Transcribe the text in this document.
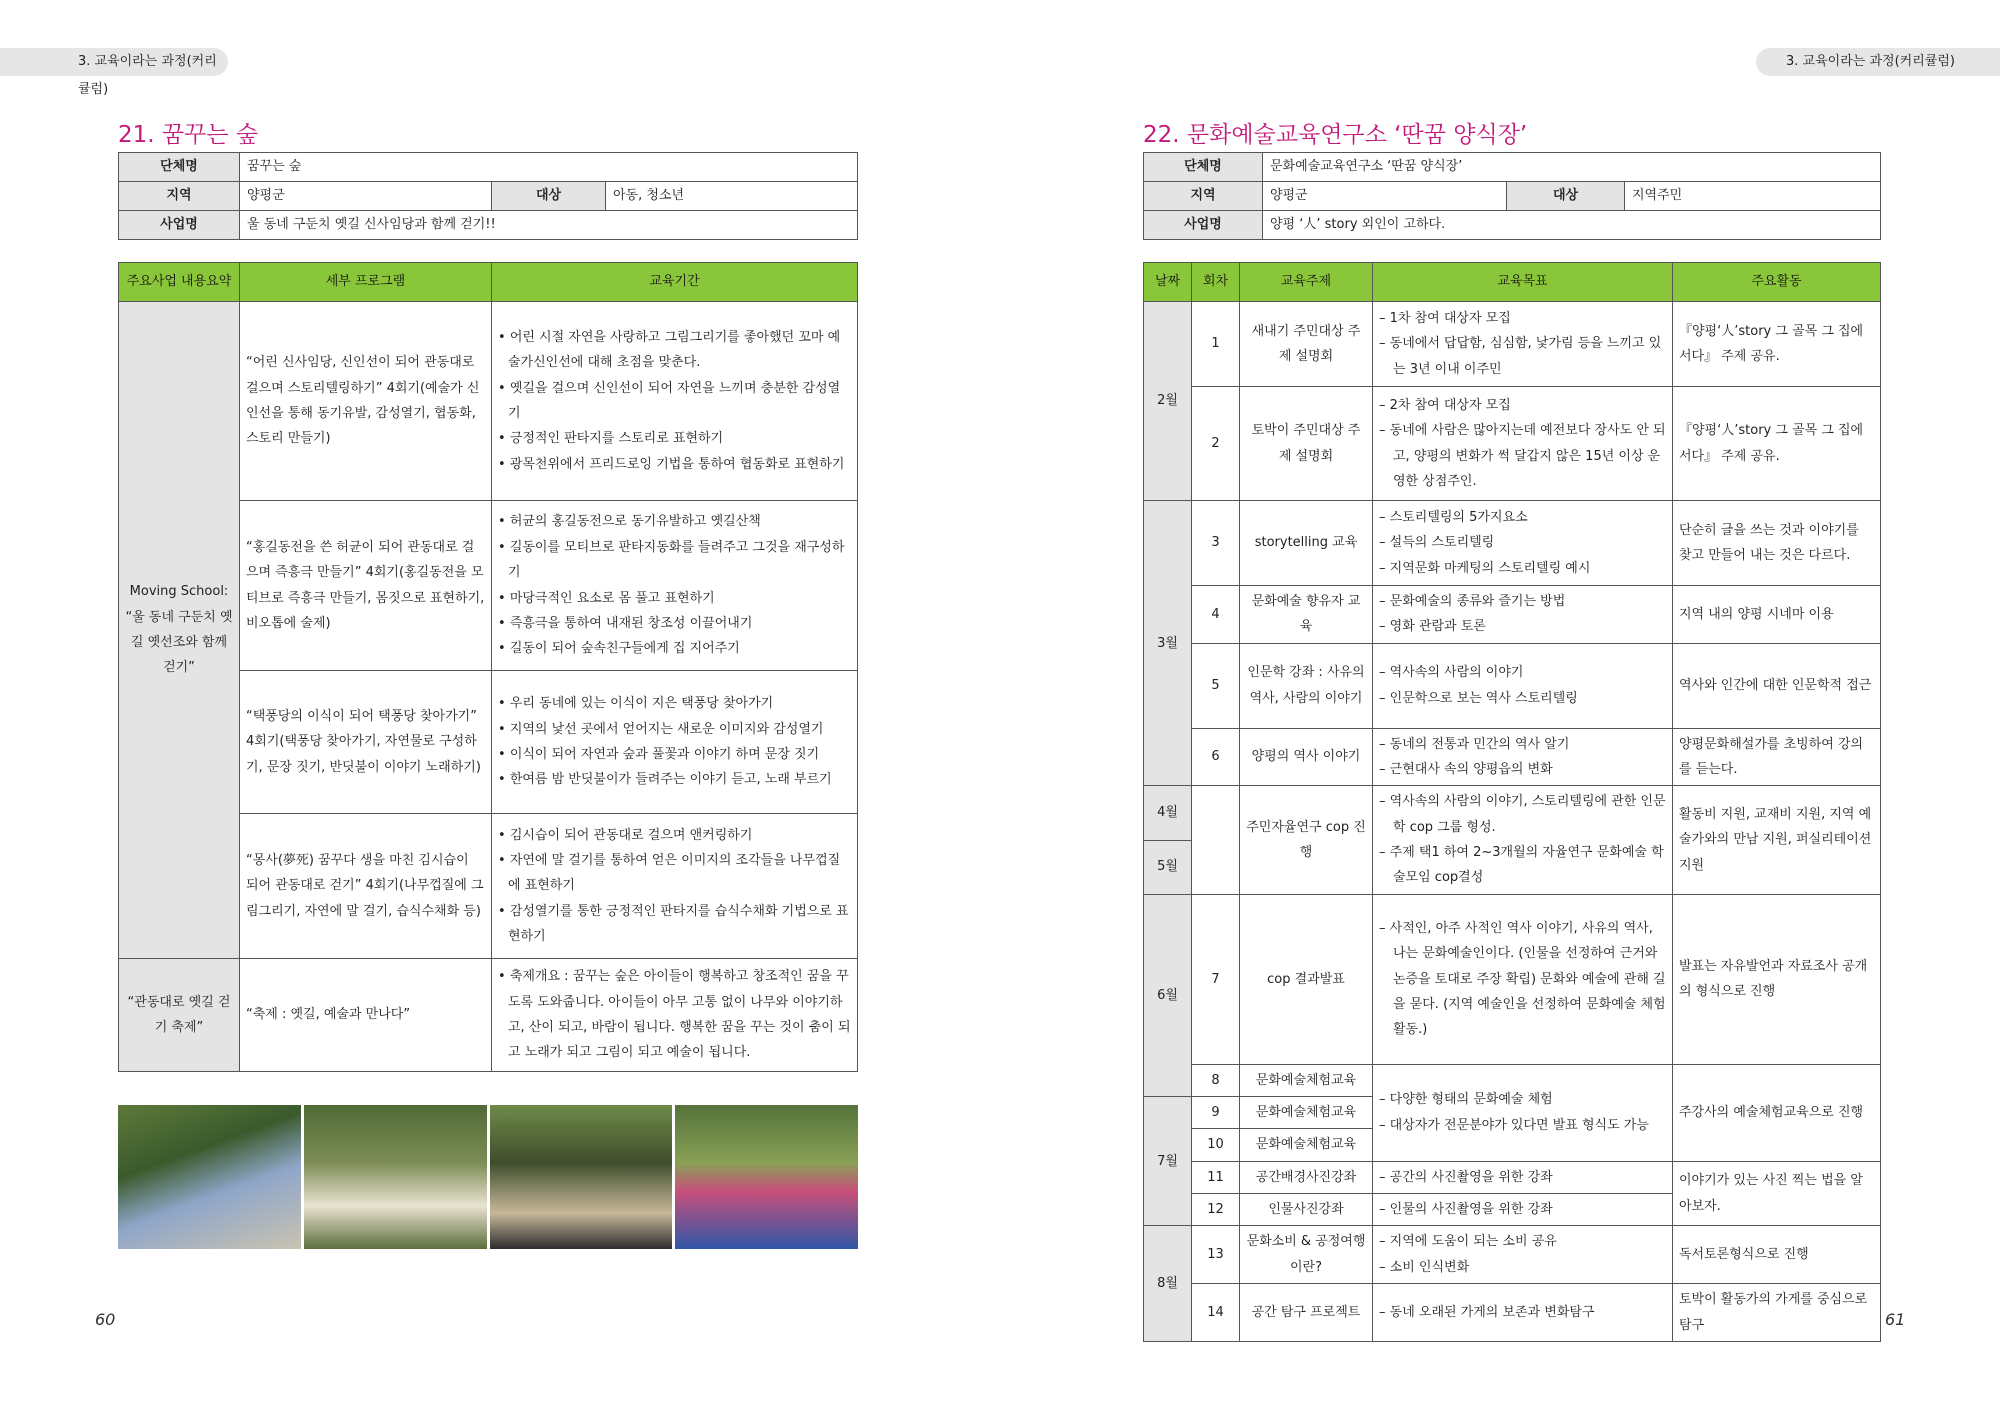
3. 교육이라는 과정(커리큘럼)
3. 교육이라는 과정(커리큘럼)
21. 꿈꾸는 숲
단체명	꿈꾸는 숲		
지역	양평군	대상	아동, 청소년
사업명	울 동네 구둔치 옛길 신사임당과 함께 걷기!!		
주요사업 내용요약	세부 프로그램	교육기간
Moving School: “울 동네 구둔치 옛길 옛선조와 함께 걷기”	“어린 신사임당, 신인선이 되어 관동대로 걸으며 스토리텔링하기” 4회기(예술가 신인선을 통해 동기유발, 감성열기, 협동화, 스토리 만들기)	• 어린 시절 자연을 사랑하고 그림그리기를 좋아했던 꼬마 예술가신인선에 대해 초점을 맞춘다.
• 옛길을 걸으며 신인선이 되어 자연을 느끼며 충분한 감성열기
• 긍정적인 판타지를 스토리로 표현하기
• 광목천위에서 프리드로잉 기법을 통하여 협동화로 표현하기

	“홍길동전을 쓴 허균이 되어 관동대로 걸으며 즉흥극 만들기” 4회기(홍길동전을 모티브로 즉흥극 만들기, 몸짓으로 표현하기, 비오톱에 술제)	• 허균의 홍길동전으로 동기유발하고 옛길산책
• 길동이를 모티브로 판타지동화를 들려주고 그것을 재구성하기
• 마당극적인 요소로 몸 풀고 표현하기
• 즉흥극을 통하여 내재된 창조성 이끌어내기
• 길동이 되어 숲속친구들에게 집 지어주기

	“택풍당의 이식이 되어 택풍당 찾아가기” 4회기(택풍당 찾아가기, 자연물로 구성하기, 문장 짓기, 반딧불이 이야기 노래하기)	• 우리 동네에 있는 이식이 지은 택풍당 찾아가기
• 지역의 낯선 곳에서 얻어지는 새로운 이미지와 감성열기
• 이식이 되어 자연과 숲과 풀꽃과 이야기 하며 문장 짓기
• 한여름 밤 반딧불이가 들려주는 이야기 듣고, 노래 부르기

	“몽사(夢死) 꿈꾸다 생을 마친 김시습이 되어 관동대로 걷기” 4회기(나무껍질에 그림그리기, 자연에 말 걸기, 습식수채화 등)	• 김시습이 되어 관동대로 걸으며 앤커링하기
• 자연에 말 걸기를 통하여 얻은 이미지의 조각들을 나무껍질에 표현하기
• 감성열기를 통한 긍정적인 판타지를 습식수채화 기법으로 표현하기

“관동대로 옛길 걷기 축제”	“축제 : 옛길, 예술과 만나다”	• 축제개요 : 꿈꾸는 숲은 아이들이 행복하고 창조적인 꿈을 꾸도록 도와줍니다. 아이들이 아무 고통 없이 나무와 이야기하고, 산이 되고, 바람이 됩니다. 행복한 꿈을 꾸는 것이 춤이 되고 노래가 되고 그림이 되고 예술이 됩니다.
60
22. 문화예술교육연구소 ‘딴꿈 양식장’
단체명	문화예술교육연구소 ‘딴꿈 양식장’		
지역	양평군	대상	지역주민
사업명	양평 ‘人’ story 외인이 고하다.		
날짜	회차	교육주제	교육목표	주요활동
2월	1	새내기 주민대상 주제 설명회	– 1차 참여 대상자 모집
– 동네에서 답답함, 심심함, 낯가림 등을 느끼고 있는 3년 이내 이주민	『양평‘人’story 그 골목 그 집에 서다』 주제 공유.
	2	토박이 주민대상 주제 설명회	– 2차 참여 대상자 모집
– 동네에 사람은 많아지는데 예전보다 장사도 안 되고, 양평의 변화가 썩 달갑지 않은 15년 이상 운영한 상점주인.	『양평‘人’story 그 골목 그 집에 서다』 주제 공유.
3월	3	storytelling 교육	– 스토리텔링의 5가지요소
– 설득의 스토리텔링
– 지역문화 마케팅의 스토리텔링 예시	단순히 글을 쓰는 것과 이야기를 찾고 만들어 내는 것은 다르다.
	4	문화예술 향유자 교육	– 문화예술의 종류와 즐기는 방법
– 영화 관람과 토론	지역 내의 양평 시네마 이용
	5	인문학 강좌 : 사유의 역사, 사람의 이야기	– 역사속의 사람의 이야기
– 인문학으로 보는 역사 스토리텔링	역사와 인간에 대한 인문학적 접근
	6	양평의 역사 이야기	– 동네의 전통과 민간의 역사 알기
– 근현대사 속의 양평읍의 변화	양평문화해설가를 초빙하여 강의를 듣는다.
4월		주민자율연구 cop 진행	– 역사속의 사람의 이야기, 스토리텔링에 관한 인문학 cop 그룹 형성.
– 주제 택1 하여 2~3개월의 자율연구 문화예술 학술모임 cop결성	활동비 지원, 교재비 지원, 지역 예술가와의 만남 지원, 퍼실리테이션 지원
5월				
6월	7	cop 결과발표	– 사적인, 아주 사적인 역사 이야기, 사유의 역사, 나는 문화예술인이다. (인물을 선정하여 근거와 논증을 토대로 주장 확립) 문화와 예술에 관해 길을 묻다. (지역 예술인을 선정하여 문화예술 체험 활동.)	발표는 자유발언과 자료조사 공개의 형식으로 진행
	8	문화예술체험교육	– 다양한 형태의 문화예술 체험
– 대상자가 전문분야가 있다면 발표 형식도 가능	주강사의 예술체험교육으로 진행
7월	9	문화예술체험교육		
	10	문화예술체험교육		
	11	공간배경사진강좌	– 공간의 사진촬영을 위한 강좌	이야기가 있는 사진 찍는 법을 알아보자.
	12	인물사진강좌	– 인물의 사진촬영을 위한 강좌	

8월	13	문화소비 & 공정여행이란?	– 지역에 도움이 되는 소비 공유
– 소비 인식변화	독서토론형식으로 진행
	14	공간 탐구 프로젝트	– 동네 오래된 가게의 보존과 변화탐구	토박이 활동가의 가게를 중심으로 탐구	61
